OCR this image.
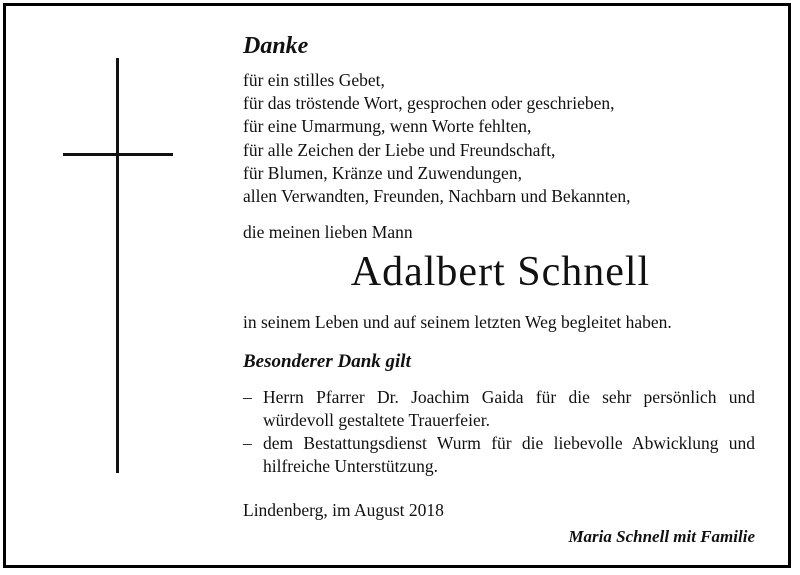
Danke
für ein stilles Gebet,
für das tröstende Wort, gesprochen oder geschrieben,
für eine Umarmung, wenn Worte fehlten,
für alle Zeichen der Liebe und Freundschaft,
für Blumen, Kränze und Zuwendungen,
allen Verwandten, Freunden, Nachbarn und Bekannten,
die meinen lieben Mann
Adalbert Schnell
in seinem Leben und auf seinem letzten Weg begleitet haben.
Besonderer Dank gilt
– Herrn Pfarrer Dr. Joachim Gaida für die sehr persönlich und würdevoll gestaltete Trauerfeier.
– dem Bestattungsdienst Wurm für die liebevolle Abwicklung und hilfreiche Unterstützung.
Lindenberg, im August 2018
Maria Schnell mit Familie
